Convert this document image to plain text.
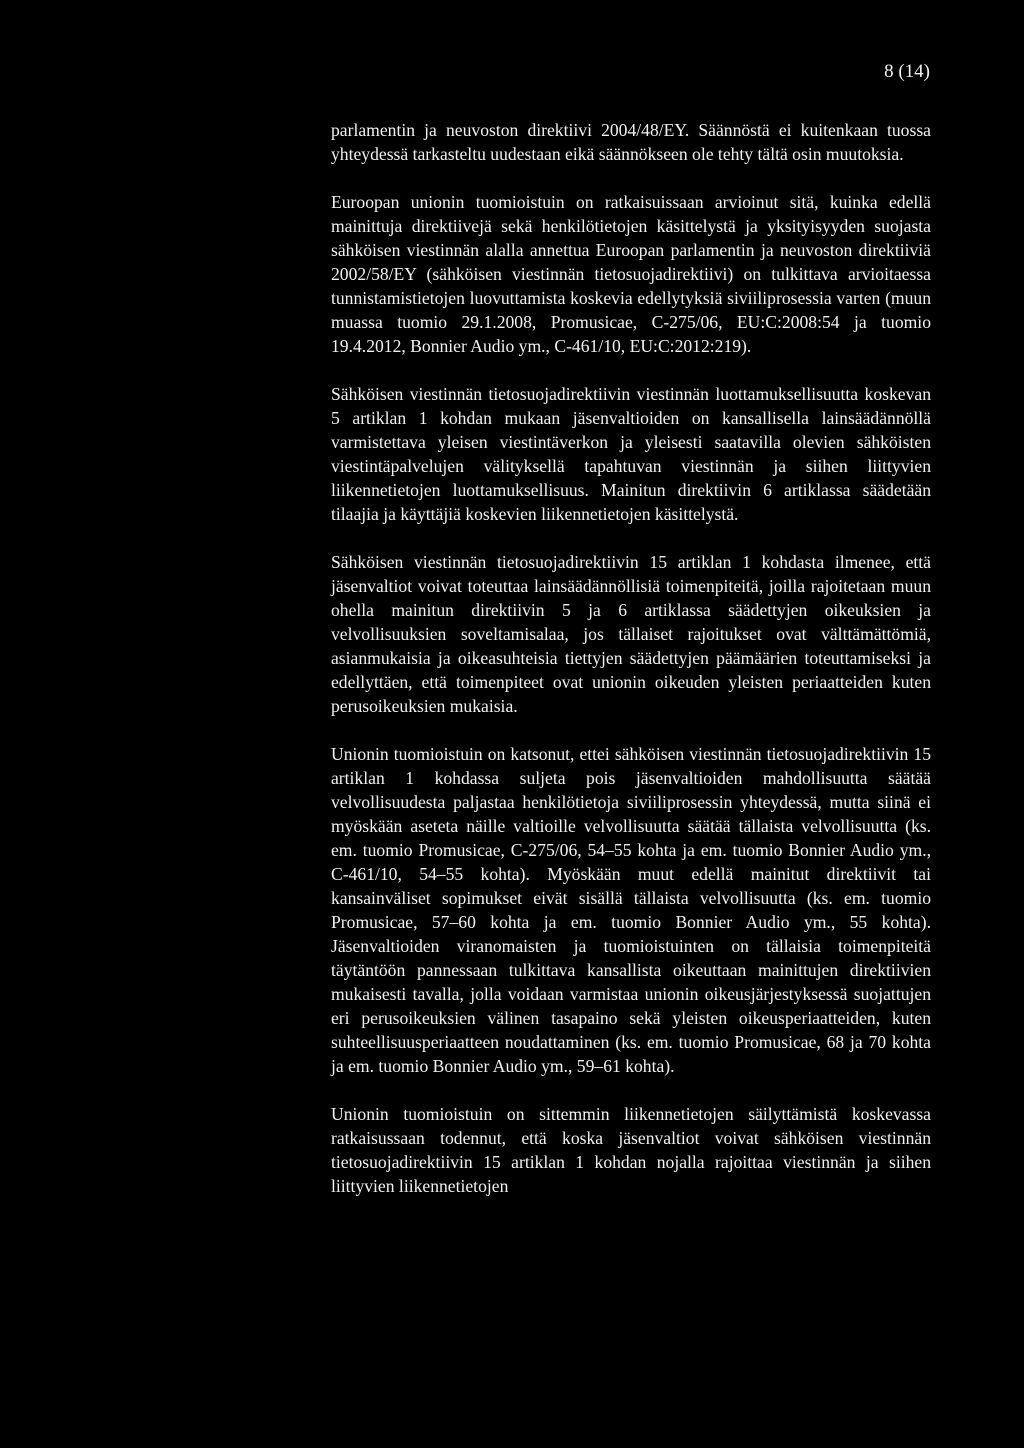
8 (14)

parlamentin ja neuvoston direktiivi 2004/48/EY. Säännöstä ei kuitenkaan tuossa yhteydessä tarkasteltu uudestaan eikä säännökseen ole tehty tältä osin muutoksia.

Euroopan unionin tuomioistuin on ratkaisuissaan arvioinut sitä, kuinka edellä mainittuja direktiivejä sekä henkilötietojen käsittelystä ja yksityisyyden suojasta sähköisen viestinnän alalla annettua Euroopan parlamentin ja neuvoston direktiiviä 2002/58/EY (sähköisen viestinnän tietosuojadirektiivi) on tulkittava arvioitaessa tunnistamistietojen luovuttamista koskevia edellytyksiä siviiliprosessia varten (muun muassa tuomio 29.1.2008, Promusicae, C-275/06, EU:C:2008:54 ja tuomio 19.4.2012, Bonnier Audio ym., C-461/10, EU:C:2012:219).

Sähköisen viestinnän tietosuojadirektiivin viestinnän luottamuksellisuutta koskevan 5 artiklan 1 kohdan mukaan jäsenvaltioiden on kansallisella lainsäädännöllä varmistettava yleisen viestintäverkon ja yleisesti saatavilla olevien sähköisten viestintäpalvelujen välityksellä tapahtuvan viestinnän ja siihen liittyvien liikennetietojen luottamuksellisuus. Mainitun direktiivin 6 artiklassa säädetään tilaajia ja käyttäjiä koskevien liikennetietojen käsittelystä.

Sähköisen viestinnän tietosuojadirektiivin 15 artiklan 1 kohdasta ilmenee, että jäsenvaltiot voivat toteuttaa lainsäädännöllisiä toimenpiteitä, joilla rajoitetaan muun ohella mainitun direktiivin 5 ja 6 artiklassa säädettyjen oikeuksien ja velvollisuuksien soveltamisalaa, jos tällaiset rajoitukset ovat välttämättömiä, asianmukaisia ja oikeasuhteisia tiettyjen säädettyjen päämäärien toteuttamiseksi ja edellyttäen, että toimenpiteet ovat unionin oikeuden yleisten periaatteiden kuten perusoikeuksien mukaisia.

Unionin tuomioistuin on katsonut, ettei sähköisen viestinnän tietosuojadirektiivin 15 artiklan 1 kohdassa suljeta pois jäsenvaltioiden mahdollisuutta säätää velvollisuudesta paljastaa henkilötietoja siviiliprosessin yhteydessä, mutta siinä ei myöskään aseteta näille valtioille velvollisuutta säätää tällaista velvollisuutta (ks. em. tuomio Promusicae, C-275/06, 54–55 kohta ja em. tuomio Bonnier Audio ym., C-461/10, 54–55 kohta). Myöskään muut edellä mainitut direktiivit tai kansainväliset sopimukset eivät sisällä tällaista velvollisuutta (ks. em. tuomio Promusicae, 57–60 kohta ja em. tuomio Bonnier Audio ym., 55 kohta). Jäsenvaltioiden viranomaisten ja tuomioistuinten on tällaisia toimenpiteitä täytäntöön pannessaan tulkittava kansallista oikeuttaan mainittujen direktiivien mukaisesti tavalla, jolla voidaan varmistaa unionin oikeusjärjestyksessä suojattujen eri perusoikeuksien välinen tasapaino sekä yleisten oikeusperiaatteiden, kuten suhteellisuusperiaatteen noudattaminen (ks. em. tuomio Promusicae, 68 ja 70 kohta ja em. tuomio Bonnier Audio ym., 59–61 kohta).

Unionin tuomioistuin on sittemmin liikennetietojen säilyttämistä koskevassa ratkaisussaan todennut, että koska jäsenvaltiot voivat sähköisen viestinnän tietosuojadirektiivin 15 artiklan 1 kohdan nojalla rajoittaa viestinnän ja siihen liittyvien liikennetietojen
